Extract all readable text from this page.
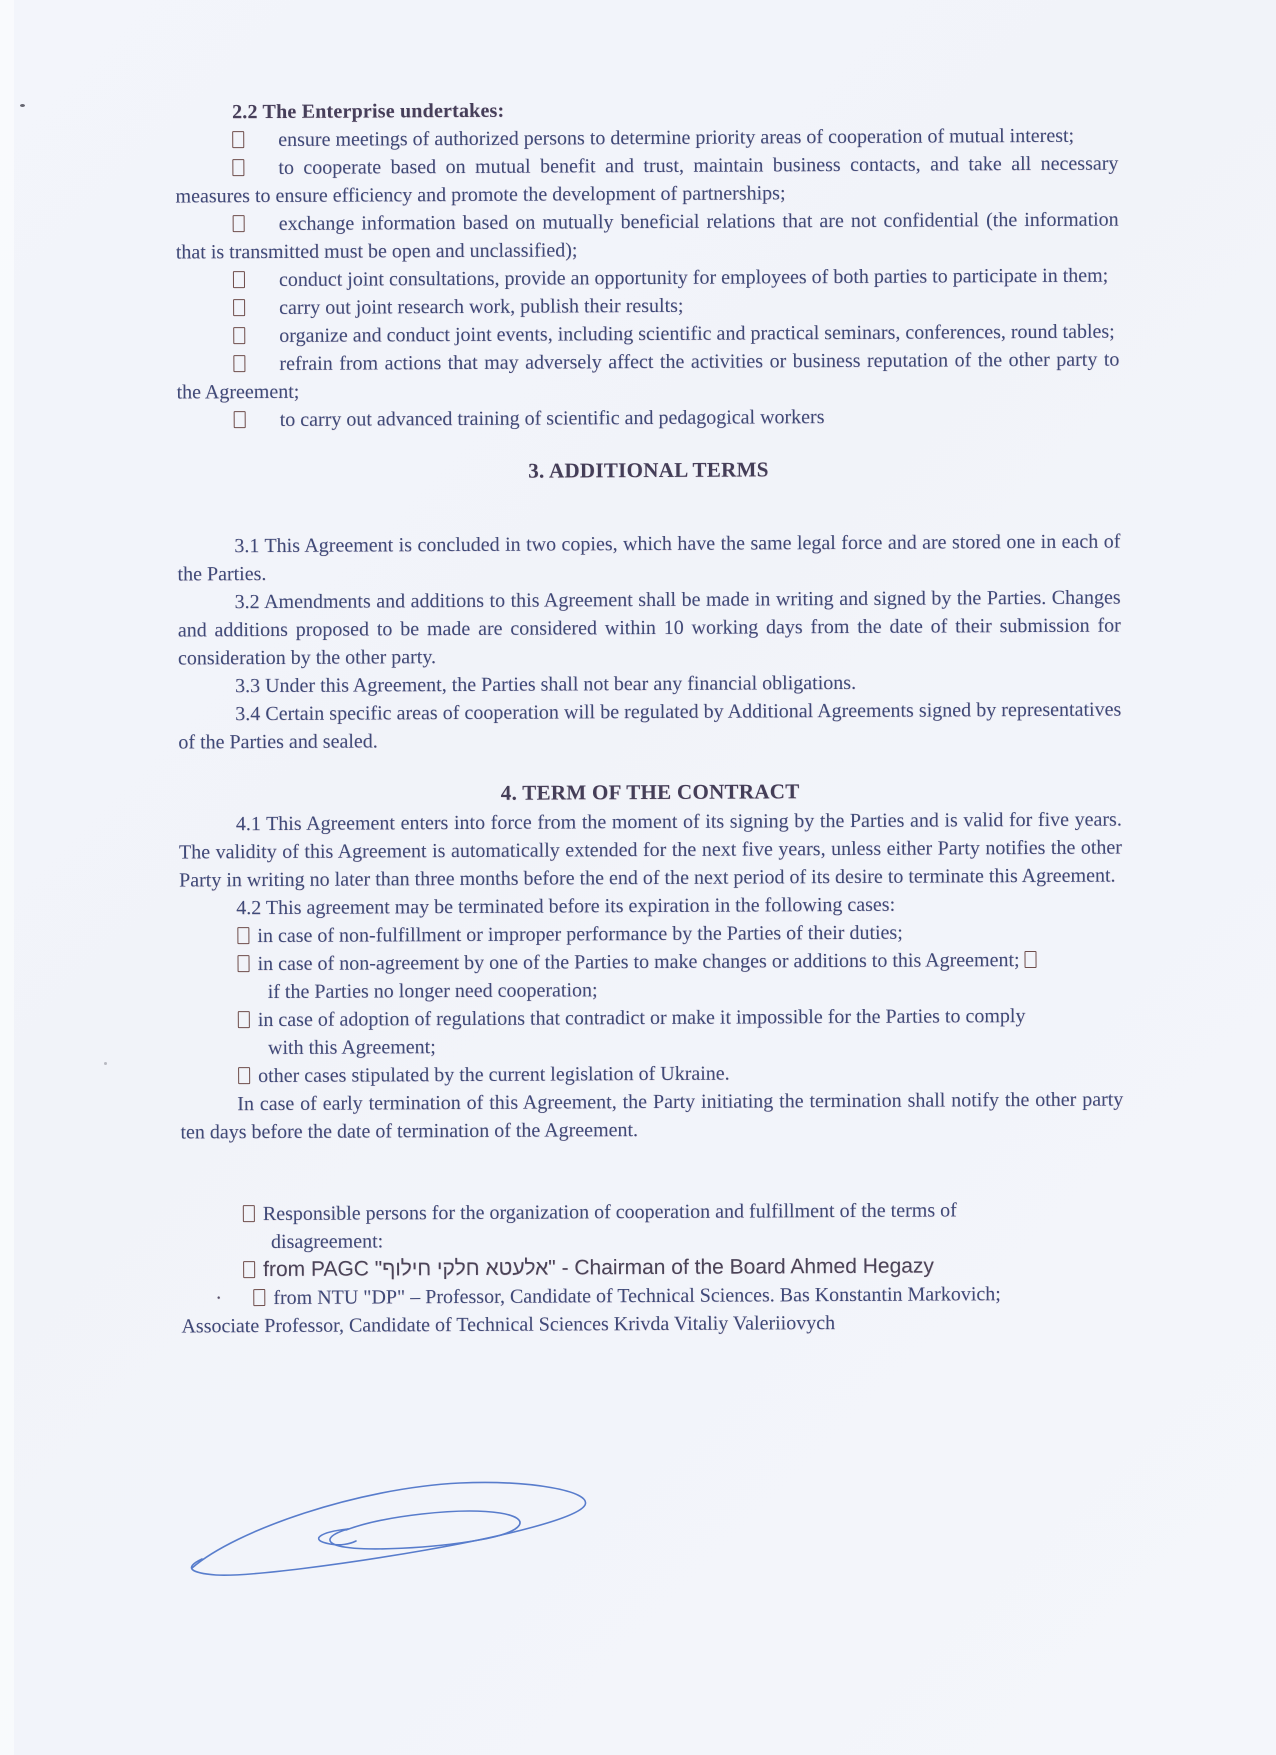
2.2 The Enterprise undertakes:

ensure meetings of authorized persons to determine priority areas of cooperation of mutual interest;

to cooperate based on mutual benefit and trust, maintain business contacts, and take all necessary measures to ensure efficiency and promote the development of partnerships;

exchange information based on mutually beneficial relations that are not confidential (the information that is transmitted must be open and unclassified);

conduct joint consultations, provide an opportunity for employees of both parties to participate in them;

carry out joint research work, publish their results;

organize and conduct joint events, including scientific and practical seminars, conferences, round tables;

refrain from actions that may adversely affect the activities or business reputation of the other party to the Agreement;

to carry out advanced training of scientific and pedagogical workers

3. ADDITIONAL TERMS

3.1 This Agreement is concluded in two copies, which have the same legal force and are stored one in each of the Parties.

3.2 Amendments and additions to this Agreement shall be made in writing and signed by the Parties. Changes and additions proposed to be made are considered within 10 working days from the date of their submission for consideration by the other party.

3.3 Under this Agreement, the Parties shall not bear any financial obligations.

3.4 Certain specific areas of cooperation will be regulated by Additional Agreements signed by representatives of the Parties and sealed.

4. TERM OF THE CONTRACT

4.1 This Agreement enters into force from the moment of its signing by the Parties and is valid for five years. The validity of this Agreement is automatically extended for the next five years, unless either Party notifies the other Party in writing no later than three months before the end of the next period of its desire to terminate this Agreement.

4.2 This agreement may be terminated before its expiration in the following cases:

in case of non-fulfillment or improper performance by the Parties of their duties;

in case of non-agreement by one of the Parties to make changes or additions to this Agreement;
if the Parties no longer need cooperation;

in case of adoption of regulations that contradict or make it impossible for the Parties to comply
with this Agreement;

other cases stipulated by the current legislation of Ukraine.

In case of early termination of this Agreement, the Party initiating the termination shall notify the other party ten days before the date of termination of the Agreement.

Responsible persons for the organization of cooperation and fulfillment of the terms of
disagreement:

from PAGC "אלעטא חלקי חילוף" - Chairman of the Board Ahmed Hegazy

·	from NTU "DP" – Professor, Candidate of Technical Sciences. Bas Konstantin Markovich;

Associate Professor, Candidate of Technical Sciences Krivda Vitaliy Valeriiovych
